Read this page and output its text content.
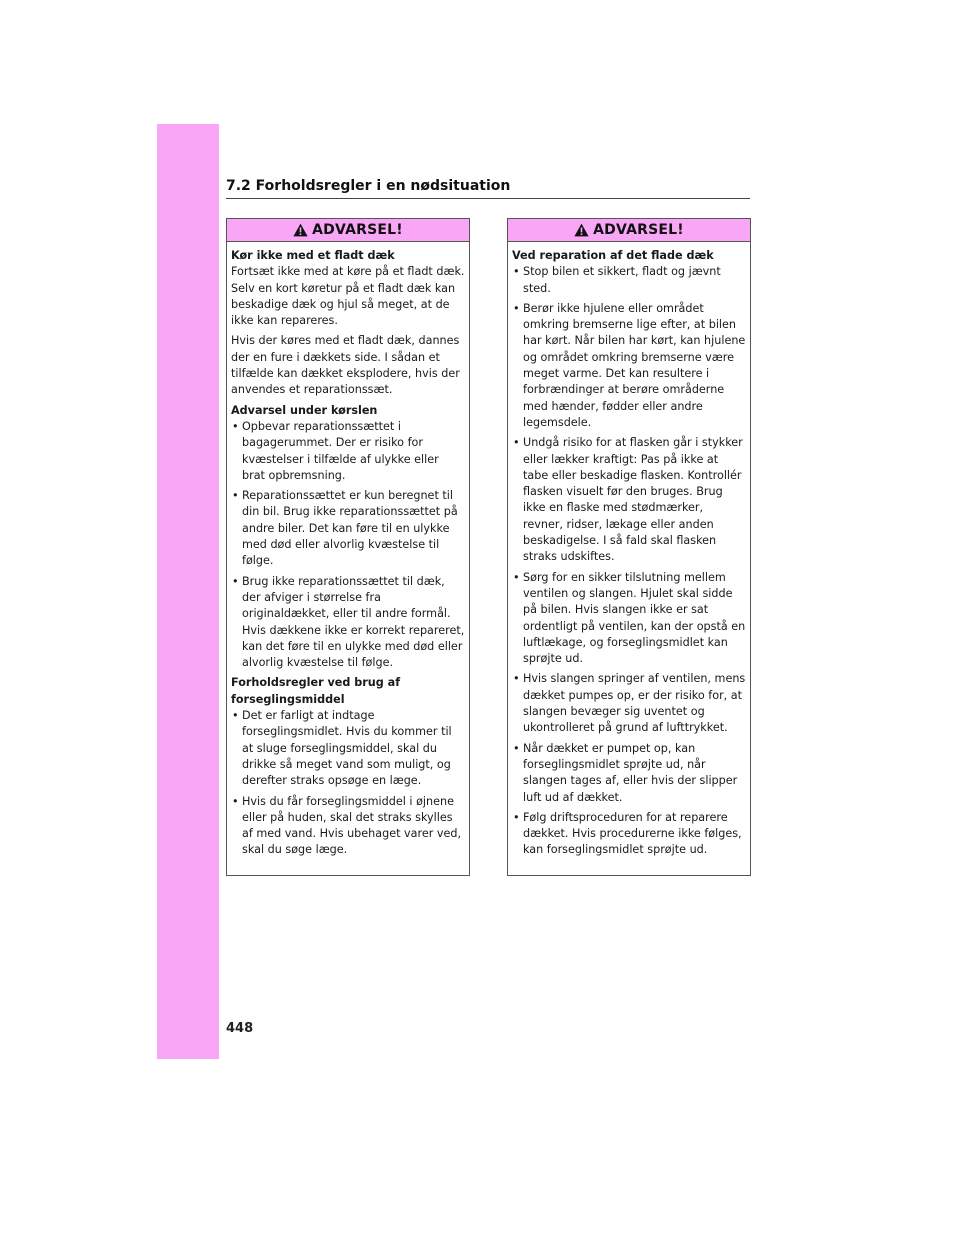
7.2 Forholdsregler i en nødsituation
ADVARSEL!
Kør ikke med et fladt dæk
Fortsæt ikke med at køre på et fladt dæk. Selv en kort køretur på et fladt dæk kan beskadige dæk og hjul så meget, at de ikke kan repareres.
Hvis der køres med et fladt dæk, dannes der en fure i dækkets side. I sådan et tilfælde kan dækket eksplodere, hvis der anvendes et reparationssæt.
Advarsel under kørslen
• Opbevar reparationssættet i bagagerummet. Der er risiko for kvæstelser i tilfælde af ulykke eller brat opbremsning.
• Reparationssættet er kun beregnet til din bil. Brug ikke reparationssættet på andre biler. Det kan føre til en ulykke med død eller alvorlig kvæstelse til følge.
• Brug ikke reparationssættet til dæk, der afviger i størrelse fra originaldækket, eller til andre formål. Hvis dækkene ikke er korrekt repareret, kan det føre til en ulykke med død eller alvorlig kvæstelse til følge.
Forholdsregler ved brug af forseglingsmiddel
• Det er farligt at indtage forseglingsmidlet. Hvis du kommer til at sluge forseglingsmiddel, skal du drikke så meget vand som muligt, og derefter straks opsøge en læge.
• Hvis du får forseglingsmiddel i øjnene eller på huden, skal det straks skylles af med vand. Hvis ubehaget varer ved, skal du søge læge.
ADVARSEL!
Ved reparation af det flade dæk
• Stop bilen et sikkert, fladt og jævnt sted.
• Berør ikke hjulene eller området omkring bremserne lige efter, at bilen har kørt. Når bilen har kørt, kan hjulene og området omkring bremserne være meget varme. Det kan resultere i forbrændinger at berøre områderne med hænder, fødder eller andre legemsdele.
• Undgå risiko for at flasken går i stykker eller lækker kraftigt: Pas på ikke at tabe eller beskadige flasken. Kontrollér flasken visuelt før den bruges. Brug ikke en flaske med stødmærker, revner, ridser, lækage eller anden beskadigelse. I så fald skal flasken straks udskiftes.
• Sørg for en sikker tilslutning mellem ventilen og slangen. Hjulet skal sidde på bilen. Hvis slangen ikke er sat ordentligt på ventilen, kan der opstå en luftlækage, og forseglingsmidlet kan sprøjte ud.
• Hvis slangen springer af ventilen, mens dækket pumpes op, er der risiko for, at slangen bevæger sig uventet og ukontrolleret på grund af lufttrykket.
• Når dækket er pumpet op, kan forseglingsmidlet sprøjte ud, når slangen tages af, eller hvis der slipper luft ud af dækket.
• Følg driftsproceduren for at reparere dækket. Hvis procedurerne ikke følges, kan forseglingsmidlet sprøjte ud.
448
